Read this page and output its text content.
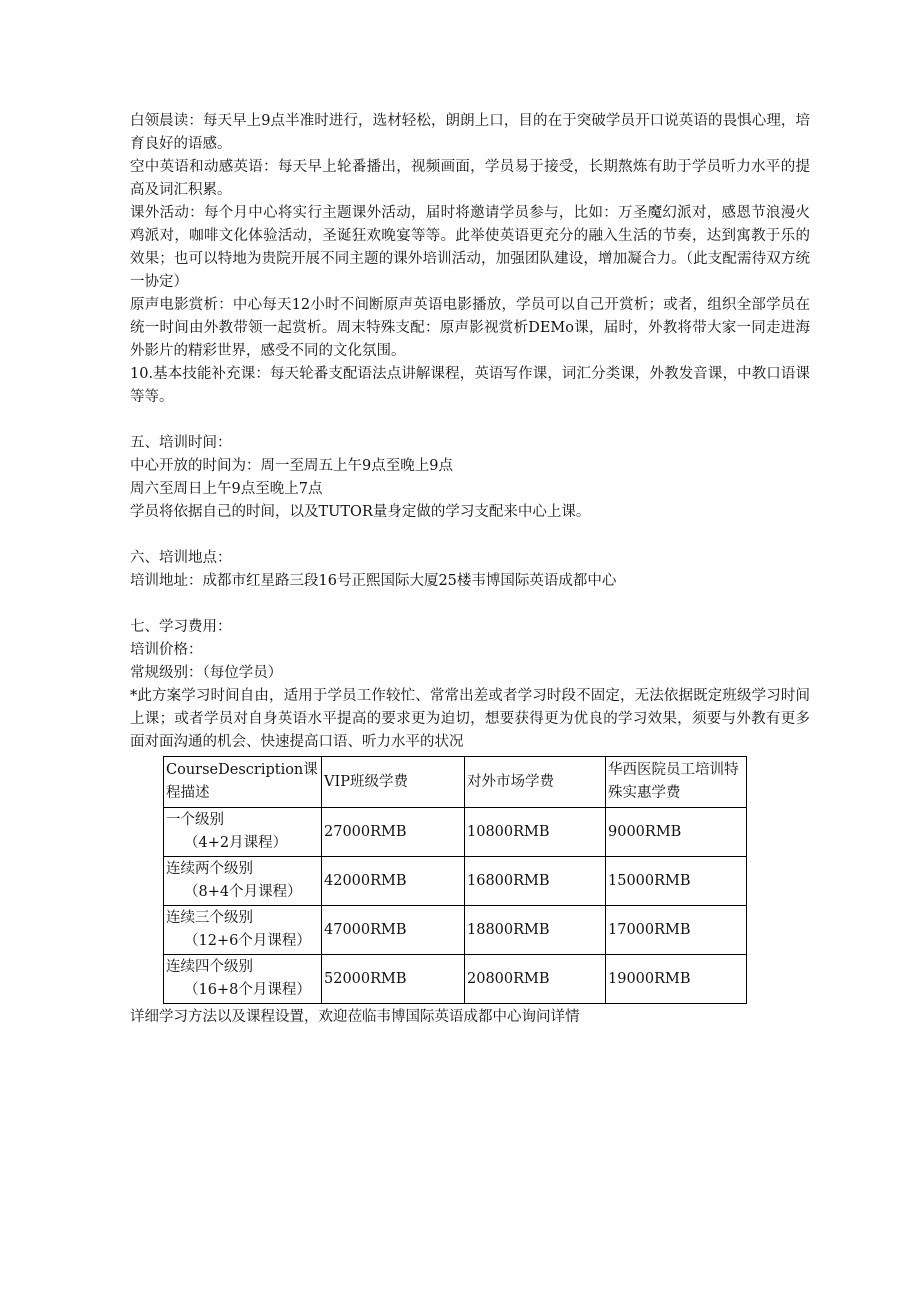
白领晨读：每天早上9点半准时进行，选材轻松，朗朗上口，目的在于突破学员开口说英语的畏惧心理，培育良好的语感。

空中英语和动感英语：每天早上轮番播出，视频画面，学员易于接受，长期熬炼有助于学员听力水平的提高及词汇积累。

课外活动：每个月中心将实行主题课外活动，届时将邀请学员参与，比如：万圣魔幻派对，感恩节浪漫火鸡派对，咖啡文化体验活动，圣诞狂欢晚宴等等。此举使英语更充分的融入生活的节奏，达到寓教于乐的效果；也可以特地为贵院开展不同主题的课外培训活动，加强团队建设，增加凝合力。（此支配需待双方统一协定）

原声电影赏析：中心每天12小时不间断原声英语电影播放，学员可以自己开赏析；或者，组织全部学员在统一时间由外教带领一起赏析。周末特殊支配：原声影视赏析DEMo课，届时，外教将带大家一同走进海外影片的精彩世界，感受不同的文化氛围。

10.基本技能补充课：每天轮番支配语法点讲解课程，英语写作课，词汇分类课，外教发音课，中教口语课等等。

五、培训时间：

中心开放的时间为：周一至周五上午9点至晚上9点

周六至周日上午9点至晚上7点

学员将依据自己的时间，以及TUTOR量身定做的学习支配来中心上课。

六、培训地点：

培训地址：成都市红星路三段16号正熙国际大厦25楼韦博国际英语成都中心

七、学习费用：

培训价格：

常规级别：（每位学员）

*此方案学习时间自由，适用于学员工作较忙、常常出差或者学习时段不固定，无法依据既定班级学习时间上课；或者学员对自身英语水平提高的要求更为迫切，想要获得更为优良的学习效果，须要与外教有更多面对面沟通的机会、快速提高口语、听力水平的状况

CourseDescription课程描述	VIP班级学费	对外市场学费	华西医院员工培训特殊实惠学费
一个级别
（4+2月课程）	27000RMB	10800RMB	9000RMB
连续两个级别
（8+4个月课程）	42000RMB	16800RMB	15000RMB
连续三个级别
（12+6个月课程）	47000RMB	18800RMB	17000RMB
连续四个级别
（16+8个月课程）	52000RMB	20800RMB	19000RMB

详细学习方法以及课程设置，欢迎莅临韦博国际英语成都中心询问详情
